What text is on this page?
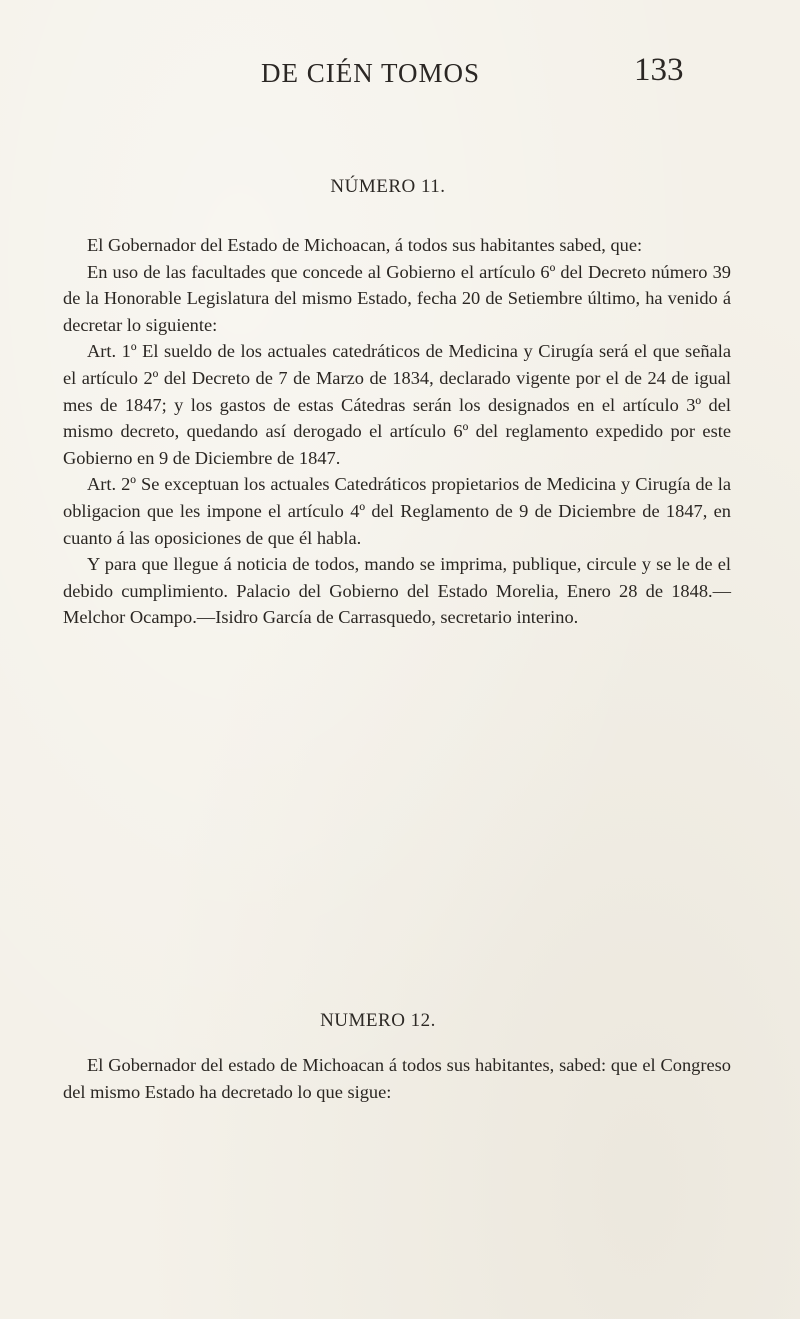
DE CIÉN TOMOS	133
NÚMERO 11.

El Gobernador del Estado de Michoacan, á todos sus habitantes sabed, que:

En uso de las facultades que concede al Gobierno el artículo 6º del Decreto número 39 de la Honorable Legislatura del mismo Estado, fecha 20 de Setiembre último, ha venido á decretar lo siguiente:

Art. 1º El sueldo de los actuales catedráticos de Medicina y Cirugía será el que señala el artículo 2º del Decreto de 7 de Marzo de 1834, declarado vigente por el de 24 de igual mes de 1847; y los gastos de estas Cátedras serán los designados en el artículo 3º del mismo decreto, quedando así derogado el artículo 6º del reglamento expedido por este Gobierno en 9 de Diciembre de 1847.

Art. 2º Se exceptuan los actuales Catedráticos propietarios de Medicina y Cirugía de la obligacion que les impone el artículo 4º del Reglamento de 9 de Diciembre de 1847, en cuanto á las oposiciones de que él habla.

Y para que llegue á noticia de todos, mando se imprima, publique, circule y se le de el debido cumplimiento. Palacio del Gobierno del Estado Morelia, Enero 28 de 1848.—Melchor Ocampo.—Isidro García de Carrasquedo, secretario interino.

NUMERO 12.

El Gobernador del estado de Michoacan á todos sus habitantes, sabed: que el Congreso del mismo Estado ha decretado lo que sigue:
